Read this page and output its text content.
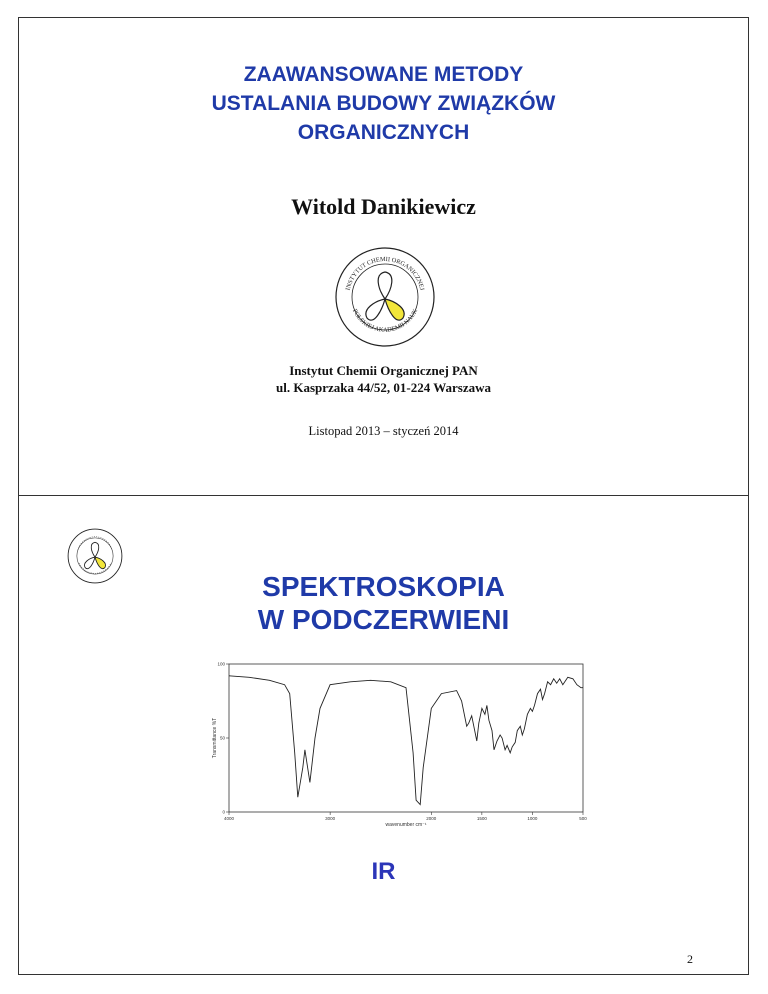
ZAAWANSOWANE METODY
USTALANIA BUDOWY ZWIĄZKÓW
ORGANICZNYCH
Witold Danikiewicz
INSTYTUT CHEMII ORGANICZNEJ
POLSKIEJ AKADEMII NAUK
Instytut Chemii Organicznej PAN
ul. Kasprzaka 44/52, 01-224 Warszawa
Listopad 2013 – styczeń 2014
SPEKTROSKOPIA
W PODCZERWIENI
100
50
0
4000	3000	2000	1500	1000	500
Transmittance %T
wavenumber cm⁻¹
IR
2
